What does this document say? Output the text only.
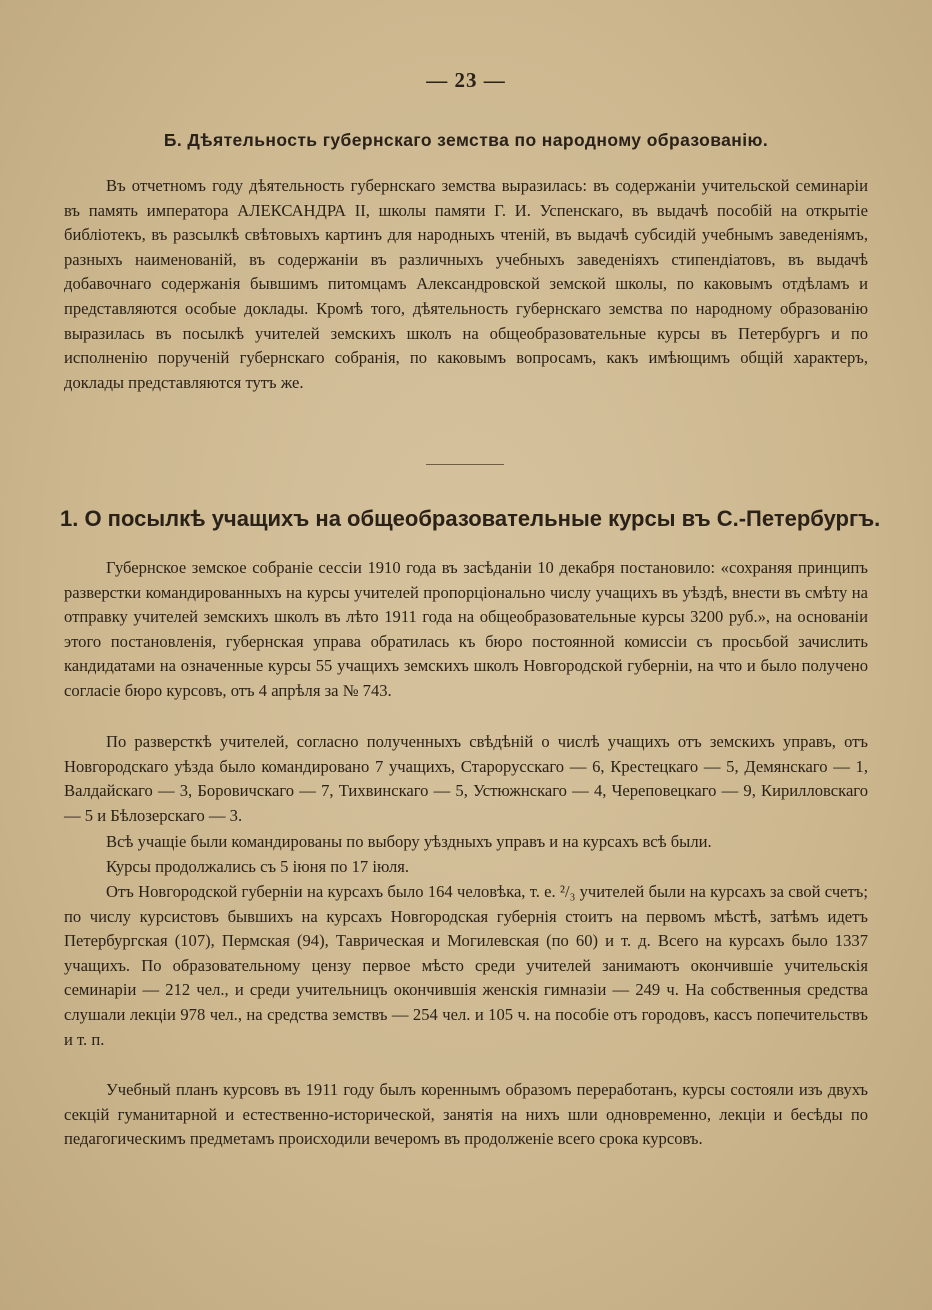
— 23 —
Б. Дѣятельность губернскаго земства по народному образованію.

Въ отчетномъ году дѣятельность губернскаго земства выразилась: въ содержаніи учительской семинаріи въ память императора АЛЕКСАНДРА II, школы памяти Г. И. Успенскаго, въ выдачѣ пособій на открытіе библіотекъ, въ разсылкѣ свѣтовыхъ картинъ для народныхъ чтеній, въ выдачѣ субсидій учебнымъ заведеніямъ, разныхъ наименованій, въ содержаніи въ различныхъ учебныхъ заведеніяхъ стипендіатовъ, въ выдачѣ добавочнаго содержанія бывшимъ питомцамъ Александровской земской школы, по каковымъ отдѣламъ и представляются особые доклады. Кромѣ того, дѣятельность губернскаго земства по народному образованію выразилась въ посылкѣ учителей земскихъ школъ на общеобразовательные курсы въ Петербургъ и по исполненію порученій губернскаго собранія, по каковымъ вопросамъ, какъ имѣющимъ общій характеръ, доклады представляются тутъ же.

1. О посылкѣ учащихъ на общеобразовательные курсы въ С.-Петербургъ.

Губернское земское собраніе сессіи 1910 года въ засѣданіи 10 декабря постановило: «сохраняя принципъ разверстки командированныхъ на курсы учителей пропорціонально числу учащихъ въ уѣздѣ, внести въ смѣту на отправку учителей земскихъ школъ въ лѣто 1911 года на общеобразовательные курсы 3200 руб.», на основаніи этого постановленія, губернская управа обратилась къ бюро постоянной комиссіи съ просьбой зачислить кандидатами на означенные курсы 55 учащихъ земскихъ школъ Новгородской губерніи, на что и было получено согласіе бюро курсовъ, отъ 4 апрѣля за № 743.

По разверсткѣ учителей, согласно полученныхъ свѣдѣній о числѣ учащихъ отъ земскихъ управъ, отъ Новгородскаго уѣзда было командировано 7 учащихъ, Старорусскаго — 6, Крестецкаго — 5, Демянскаго — 1, Валдайскаго — 3, Боровичскаго — 7, Тихвинскаго — 5, Устюжнскаго — 4, Череповецкаго — 9, Кирилловскаго — 5 и Бѣлозерскаго — 3.

Всѣ учащіе были командированы по выбору уѣздныхъ управъ и на курсахъ всѣ были.

Курсы продолжались съ 5 іюня по 17 іюля.

Отъ Новгородской губерніи на курсахъ было 164 человѣка, т. е. ²/₃ учителей были на курсахъ за свой счетъ; по числу курсистовъ бывшихъ на курсахъ Новгородская губернія стоитъ на первомъ мѣстѣ, затѣмъ идетъ Петербургская (107), Пермская (94), Таврическая и Могилевская (по 60) и т. д. Всего на курсахъ было 1337 учащихъ. По образовательному цензу первое мѣсто среди учителей занимаютъ окончившіе учительскія семинаріи — 212 чел., и среди учительницъ окончившія женскія гимназіи — 249 ч. На собственныя средства слушали лекціи 978 чел., на средства земствъ — 254 чел. и 105 ч. на пособіе отъ городовъ, кассъ попечительствъ и т. п.

Учебный планъ курсовъ въ 1911 году былъ кореннымъ образомъ переработанъ, курсы состояли изъ двухъ секцій гуманитарной и естественно-исторической, занятія на нихъ шли одновременно, лекціи и бесѣды по педагогическимъ предметамъ происходили вечеромъ въ продолженіе всего срока курсовъ.
